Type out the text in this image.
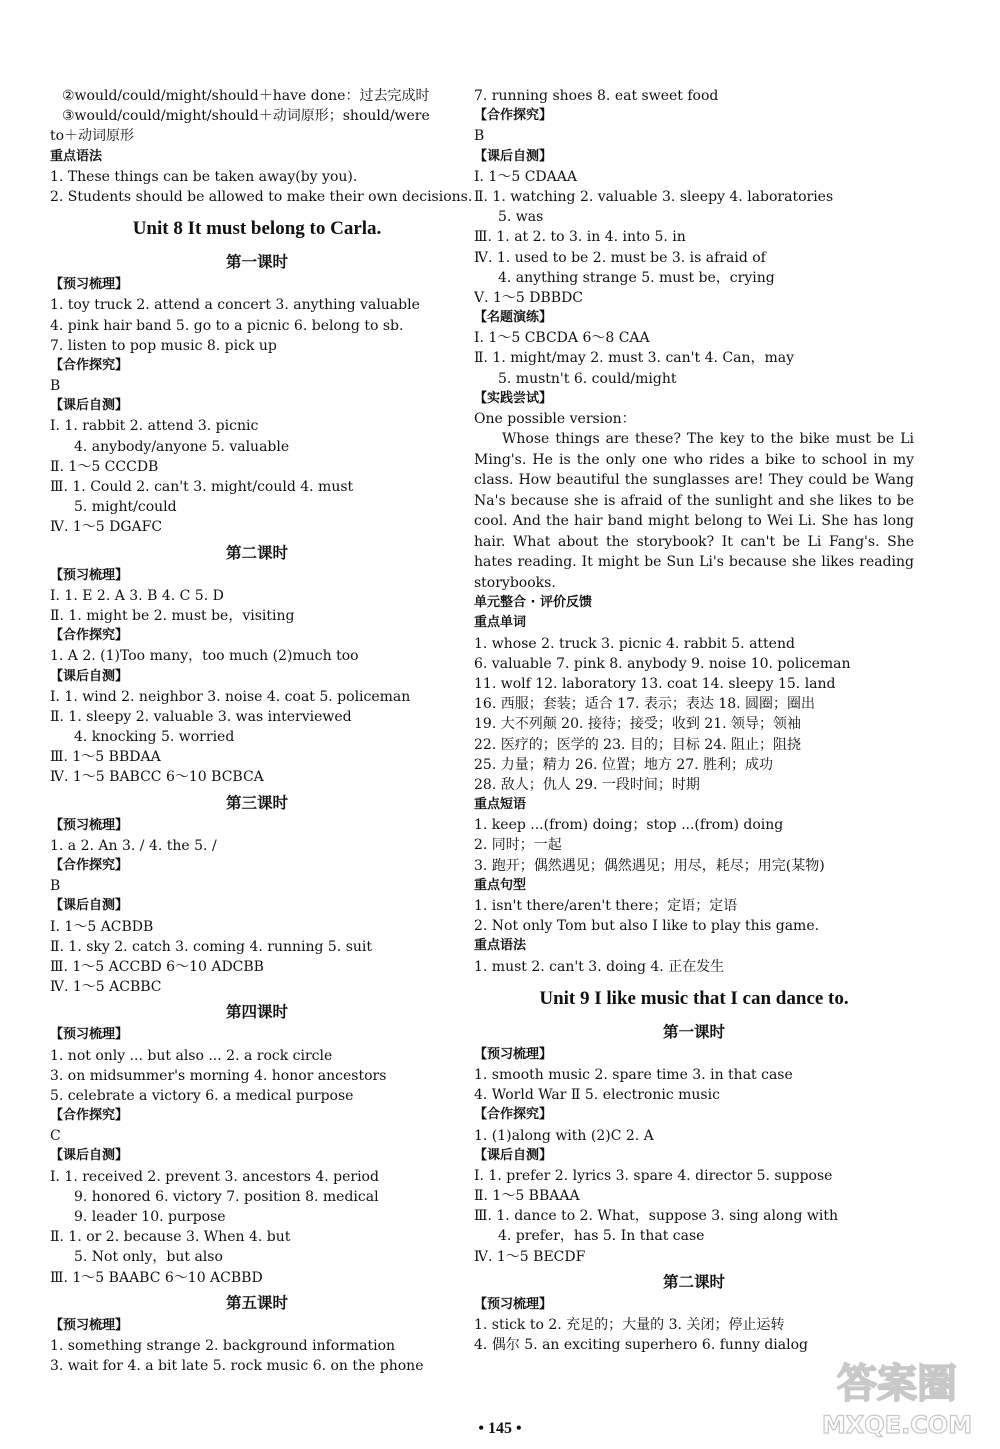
②would/could/might/should＋have done：过去完成时
③would/could/might/should＋动词原形；should/were
to＋动词原形
重点语法
1. These things can be taken away(by you).
2. Students should be allowed to make their own decisions.
Unit 8 It must belong to Carla.
第一课时
【预习梳理】
1. toy truck 2. attend a concert 3. anything valuable
4. pink hair band 5. go to a picnic 6. belong to sb.
7. listen to pop music 8. pick up
【合作探究】
B
【课后自测】
Ⅰ. 1. rabbit 2. attend 3. picnic
4. anybody/anyone 5. valuable
Ⅱ. 1～5 CCCDB
Ⅲ. 1. Could 2. can't 3. might/could 4. must
5. might/could
Ⅳ. 1～5 DGAFC
第二课时
【预习梳理】
Ⅰ. 1. E 2. A 3. B 4. C 5. D
Ⅱ. 1. might be 2. must be，visiting
【合作探究】
1. A 2. (1)Too many，too much (2)much too
【课后自测】
Ⅰ. 1. wind 2. neighbor 3. noise 4. coat 5. policeman
Ⅱ. 1. sleepy 2. valuable 3. was interviewed
4. knocking 5. worried
Ⅲ. 1～5 BBDAA
Ⅳ. 1～5 BABCC 6～10 BCBCA
第三课时
【预习梳理】
1. a 2. An 3. / 4. the 5. /
【合作探究】
B
【课后自测】
Ⅰ. 1～5 ACBDB
Ⅱ. 1. sky 2. catch 3. coming 4. running 5. suit
Ⅲ. 1～5 ACCBD 6～10 ADCBB
Ⅳ. 1～5 ACBBC
第四课时
【预习梳理】
1. not only ... but also ... 2. a rock circle
3. on midsummer's morning 4. honor ancestors
5. celebrate a victory 6. a medical purpose
【合作探究】
C
【课后自测】
Ⅰ. 1. received 2. prevent 3. ancestors 4. period
9. honored 6. victory 7. position 8. medical
9. leader 10. purpose
Ⅱ. 1. or 2. because 3. When 4. but
5. Not only，but also
Ⅲ. 1～5 BAABC 6～10 ACBBD
第五课时
【预习梳理】
1. something strange 2. background information
3. wait for 4. a bit late 5. rock music 6. on the phone
7. running shoes 8. eat sweet food
【合作探究】
B
【课后自测】
Ⅰ. 1～5 CDAAA
Ⅱ. 1. watching 2. valuable 3. sleepy 4. laboratories
5. was
Ⅲ. 1. at 2. to 3. in 4. into 5. in
Ⅳ. 1. used to be 2. must be 3. is afraid of
4. anything strange 5. must be，crying
Ⅴ. 1～5 DBBDC
【名题演练】
Ⅰ. 1～5 CBCDA 6～8 CAA
Ⅱ. 1. might/may 2. must 3. can't 4. Can，may
5. mustn't 6. could/might
【实践尝试】
One possible version：
Whose things are these? The key to the bike must be Li Ming's. He is the only one who rides a bike to school in my class. How beautiful the sunglasses are! They could be Wang Na's because she is afraid of the sunlight and she likes to be cool. And the hair band might belong to Wei Li. She has long hair. What about the storybook? It can't be Li Fang's. She hates reading. It might be Sun Li's because she likes reading storybooks.
单元整合 · 评价反馈
重点单词
1. whose 2. truck 3. picnic 4. rabbit 5. attend
6. valuable 7. pink 8. anybody 9. noise 10. policeman
11. wolf 12. laboratory 13. coat 14. sleepy 15. land
16. 西服；套装；适合 17. 表示；表达 18. 圆圈；圈出
19. 大不列颠 20. 接待；接受；收到 21. 领导；领袖
22. 医疗的；医学的 23. 目的；目标 24. 阻止；阻挠
25. 力量；精力 26. 位置；地方 27. 胜利；成功
28. 敌人；仇人 29. 一段时间；时期
重点短语
1. keep ...(from) doing；stop ...(from) doing
2. 同时；一起
3. 跑开；偶然遇见；偶然遇见；用尽，耗尽；用完(某物)
重点句型
1. isn't there/aren't there；定语；定语
2. Not only Tom but also I like to play this game.
重点语法
1. must 2. can't 3. doing 4. 正在发生
Unit 9 I like music that I can dance to.
第一课时
【预习梳理】
1. smooth music 2. spare time 3. in that case
4. World War Ⅱ 5. electronic music
【合作探究】
1. (1)along with (2)C 2. A
【课后自测】
Ⅰ. 1. prefer 2. lyrics 3. spare 4. director 5. suppose
Ⅱ. 1～5 BBAAA
Ⅲ. 1. dance to 2. What，suppose 3. sing along with
4. prefer，has 5. In that case
Ⅳ. 1～5 BECDF
第二课时
【预习梳理】
1. stick to 2. 充足的；大量的 3. 关闭；停止运转
4. 偶尔 5. an exciting superhero 6. funny dialog
• 145 •
答案圈
MXQE.COM
